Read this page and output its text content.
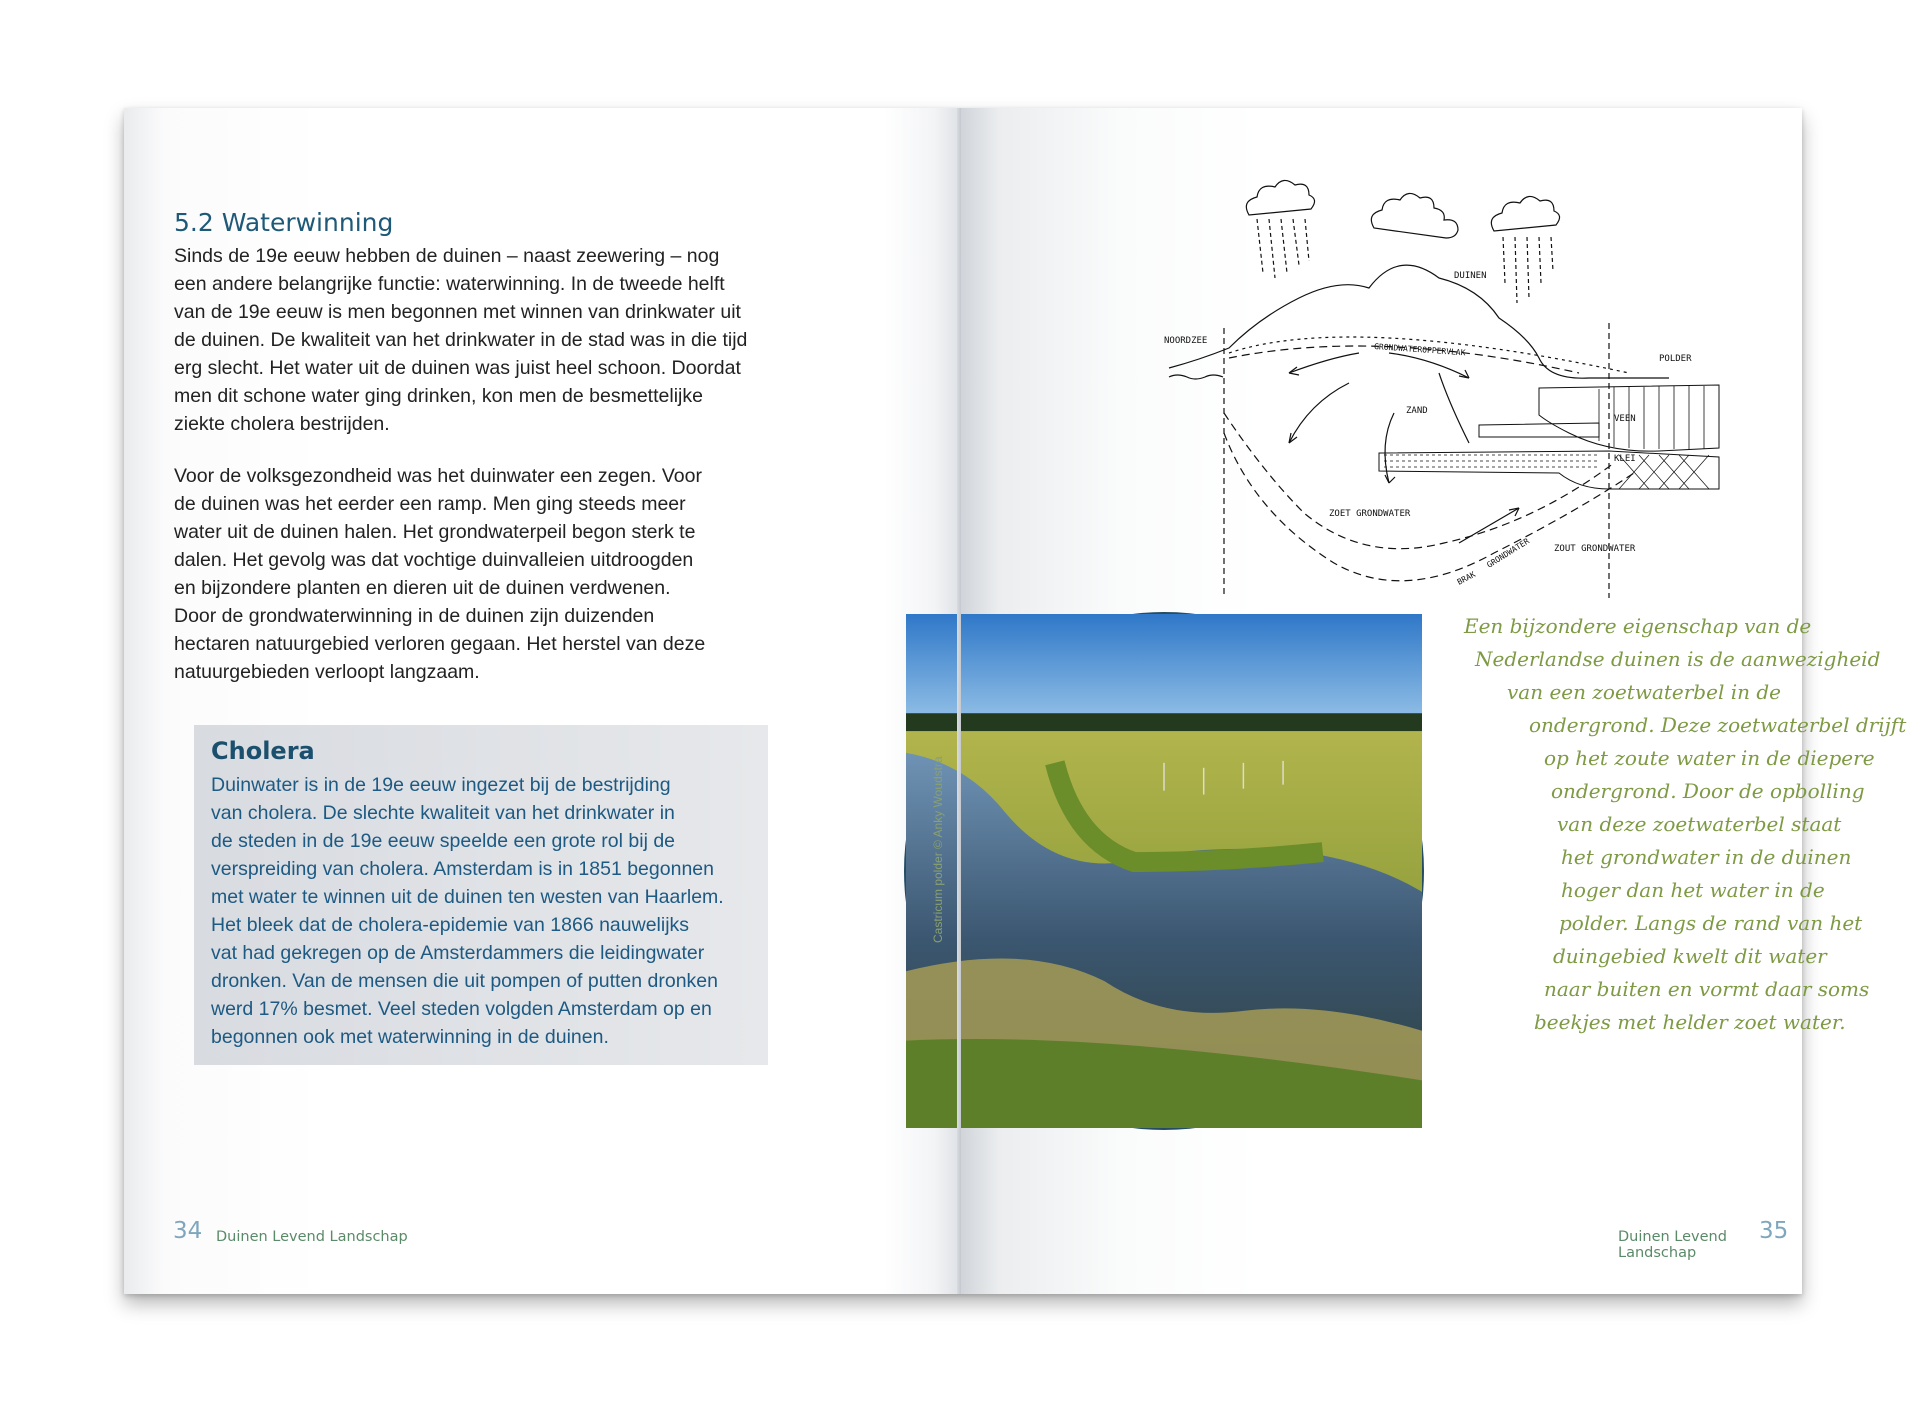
5.2 Waterwinning

Sinds de 19e eeuw hebben de duinen – naast zeewering – nog
een andere belangrijke functie: waterwinning. In de tweede helft
van de 19e eeuw is men begonnen met winnen van drinkwater uit
de duinen. De kwaliteit van het drinkwater in de stad was in die tijd
erg slecht. Het water uit de duinen was juist heel schoon. Doordat
men dit schone water ging drinken, kon men de besmettelijke
ziekte cholera bestrijden.

Voor de volksgezondheid was het duinwater een zegen. Voor
de duinen was het eerder een ramp. Men ging steeds meer
water uit de duinen halen. Het grondwaterpeil begon sterk te
dalen. Het gevolg was dat vochtige duinvalleien uitdroogden
en bijzondere planten en dieren uit de duinen verdwenen.
Door de grondwaterwinning in de duinen zijn duizenden
hectaren natuurgebied verloren gegaan. Het herstel van deze
natuurgebieden verloopt langzaam.

Cholera

Duinwater is in de 19e eeuw ingezet bij de bestrijding
van cholera. De slechte kwaliteit van het drinkwater in
de steden in de 19e eeuw speelde een grote rol bij de
verspreiding van cholera. Amsterdam is in 1851 begonnen
met water te winnen uit de duinen ten westen van Haarlem.
Het bleek dat de cholera-epidemie van 1866 nauwelijks
vat had gekregen op de Amsterdammers die leidingwater
dronken. Van de mensen die uit pompen of putten dronken
werd 17% besmet. Veel steden volgden Amsterdam op en
begonnen ook met waterwinning in de duinen.

34 Duinen Levend Landschap
DUINEN
NOORDZEE
GRONDWATEROPPERVLAK
POLDER
ZAND
VEEN
KLEI
ZOET GRONDWATER
ZOUT GRONDWATER
BRAK
GRONDWATER
Castricum polder © Anky Woudstra

Een bijzondere eigenschap van de

Nederlandse duinen is de aanwezigheid

van een zoetwaterbel in de

ondergrond. Deze zoetwaterbel drijft

op het zoute water in de diepere

ondergrond. Door de opbolling

van deze zoetwaterbel staat

het grondwater in de duinen

hoger dan het water in de

polder. Langs de rand van het

duingebied kwelt dit water

naar buiten en vormt daar soms

beekjes met helder zoet water.

Duinen Levend Landschap
35
